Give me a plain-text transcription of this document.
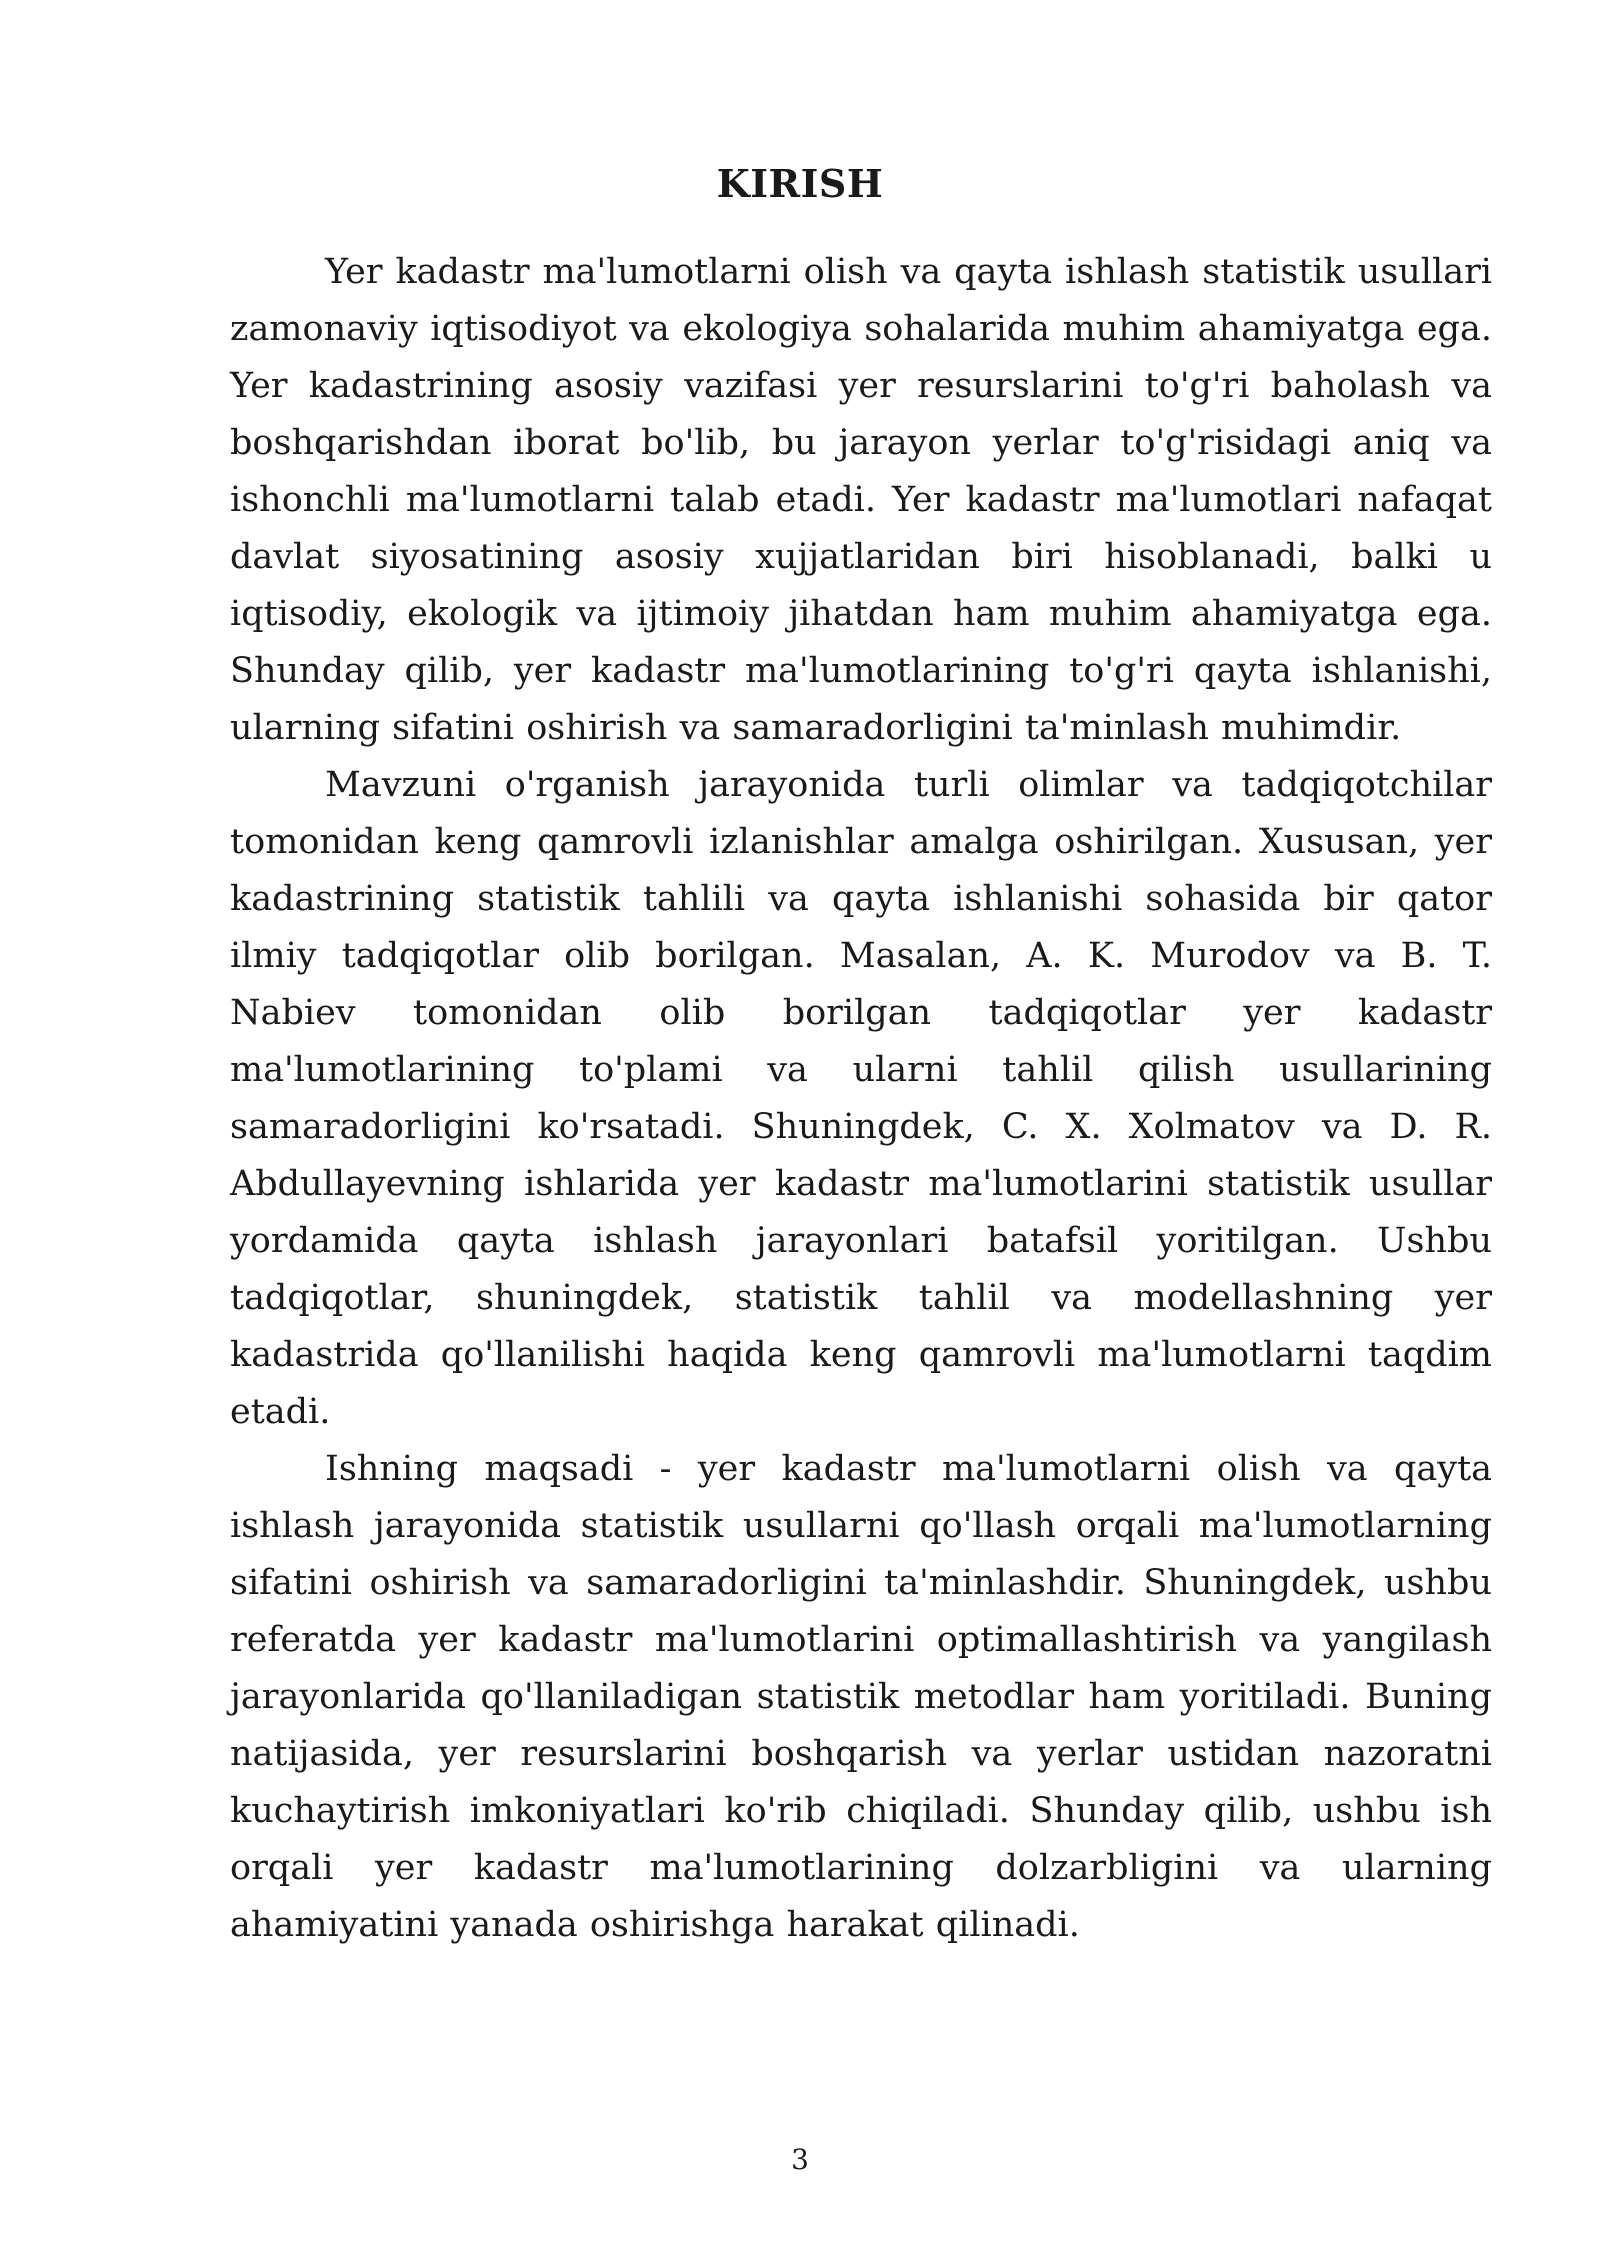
KIRISH

Yer kadastr ma'lumotlarni olish va qayta ishlash statistik usullari zamonaviy iqtisodiyot va ekologiya sohalarida muhim ahamiyatga ega. Yer kadastrining asosiy vazifasi yer resurslarini to'g'ri baholash va boshqarishdan iborat bo'lib, bu jarayon yerlar to'g'risidagi aniq va ishonchli ma'lumotlarni talab etadi. Yer kadastr ma'lumotlari nafaqat davlat siyosatining asosiy xujjatlaridan biri hisoblanadi, balki u iqtisodiy, ekologik va ijtimoiy jihatdan ham muhim ahamiyatga ega. Shunday qilib, yer kadastr ma'lumotlarining to'g'ri qayta ishlanishi, ularning sifatini oshirish va samaradorligini ta'minlash muhimdir.

Mavzuni o'rganish jarayonida turli olimlar va tadqiqotchilar tomonidan keng qamrovli izlanishlar amalga oshirilgan. Xususan, yer kadastrining statistik tahlili va qayta ishlanishi sohasida bir qator ilmiy tadqiqotlar olib borilgan. Masalan, A. K. Murodov va B. T. Nabiev tomonidan olib borilgan tadqiqotlar yer kadastr ma'lumotlarining to'plami va ularni tahlil qilish usullarining samaradorligini ko'rsatadi. Shuningdek, C. X. Xolmatov va D. R. Abdullayevning ishlarida yer kadastr ma'lumotlarini statistik usullar yordamida qayta ishlash jarayonlari batafsil yoritilgan. Ushbu tadqiqotlar, shuningdek, statistik tahlil va modellashning yer kadastrida qo'llanilishi haqida keng qamrovli ma'lumotlarni taqdim etadi.

Ishning maqsadi - yer kadastr ma'lumotlarni olish va qayta ishlash jarayonida statistik usullarni qo'llash orqali ma'lumotlarning sifatini oshirish va samaradorligini ta'minlashdir. Shuningdek, ushbu referatda yer kadastr ma'lumotlarini optimallashtirish va yangilash jarayonlarida qo'llaniladigan statistik metodlar ham yoritiladi. Buning natijasida, yer resurslarini boshqarish va yerlar ustidan nazoratni kuchaytirish imkoniyatlari ko'rib chiqiladi. Shunday qilib, ushbu ish orqali yer kadastr ma'lumotlarining dolzarbligini va ularning ahamiyatini yanada oshirishga harakat qilinadi.

3
